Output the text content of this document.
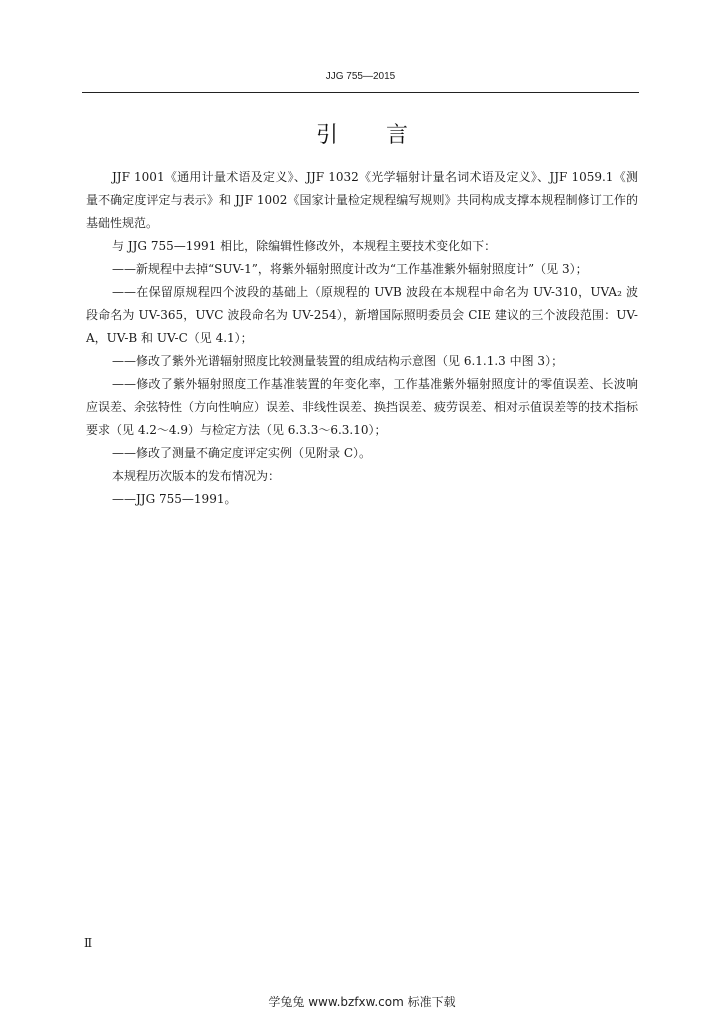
JJG 755—2015
引言

JJF 1001《通用计量术语及定义》、JJF 1032《光学辐射计量名词术语及定义》、JJF 1059.1《测量不确定度评定与表示》和 JJF 1002《国家计量检定规程编写规则》共同构成支撑本规程制修订工作的基础性规范。

与 JJG 755—1991 相比，除编辑性修改外，本规程主要技术变化如下：

——新规程中去掉“SUV-1”，将紫外辐射照度计改为“工作基准紫外辐射照度计”（见 3）；

——在保留原规程四个波段的基础上（原规程的 UVB 波段在本规程中命名为 UV-310，UVA₂ 波段命名为 UV-365，UVC 波段命名为 UV-254），新增国际照明委员会 CIE 建议的三个波段范围：UV-A，UV-B 和 UV-C（见 4.1）；

——修改了紫外光谱辐射照度比较测量装置的组成结构示意图（见 6.1.1.3 中图 3）；

——修改了紫外辐射照度工作基准装置的年变化率，工作基准紫外辐射照度计的零值误差、长波响应误差、余弦特性（方向性响应）误差、非线性误差、换挡误差、疲劳误差、相对示值误差等的技术指标要求（见 4.2～4.9）与检定方法（见 6.3.3～6.3.10）；

——修改了测量不确定度评定实例（见附录 C）。

本规程历次版本的发布情况为：

——JJG 755—1991。

Ⅱ
学兔兔 www.bzfxw.com 标准下载
